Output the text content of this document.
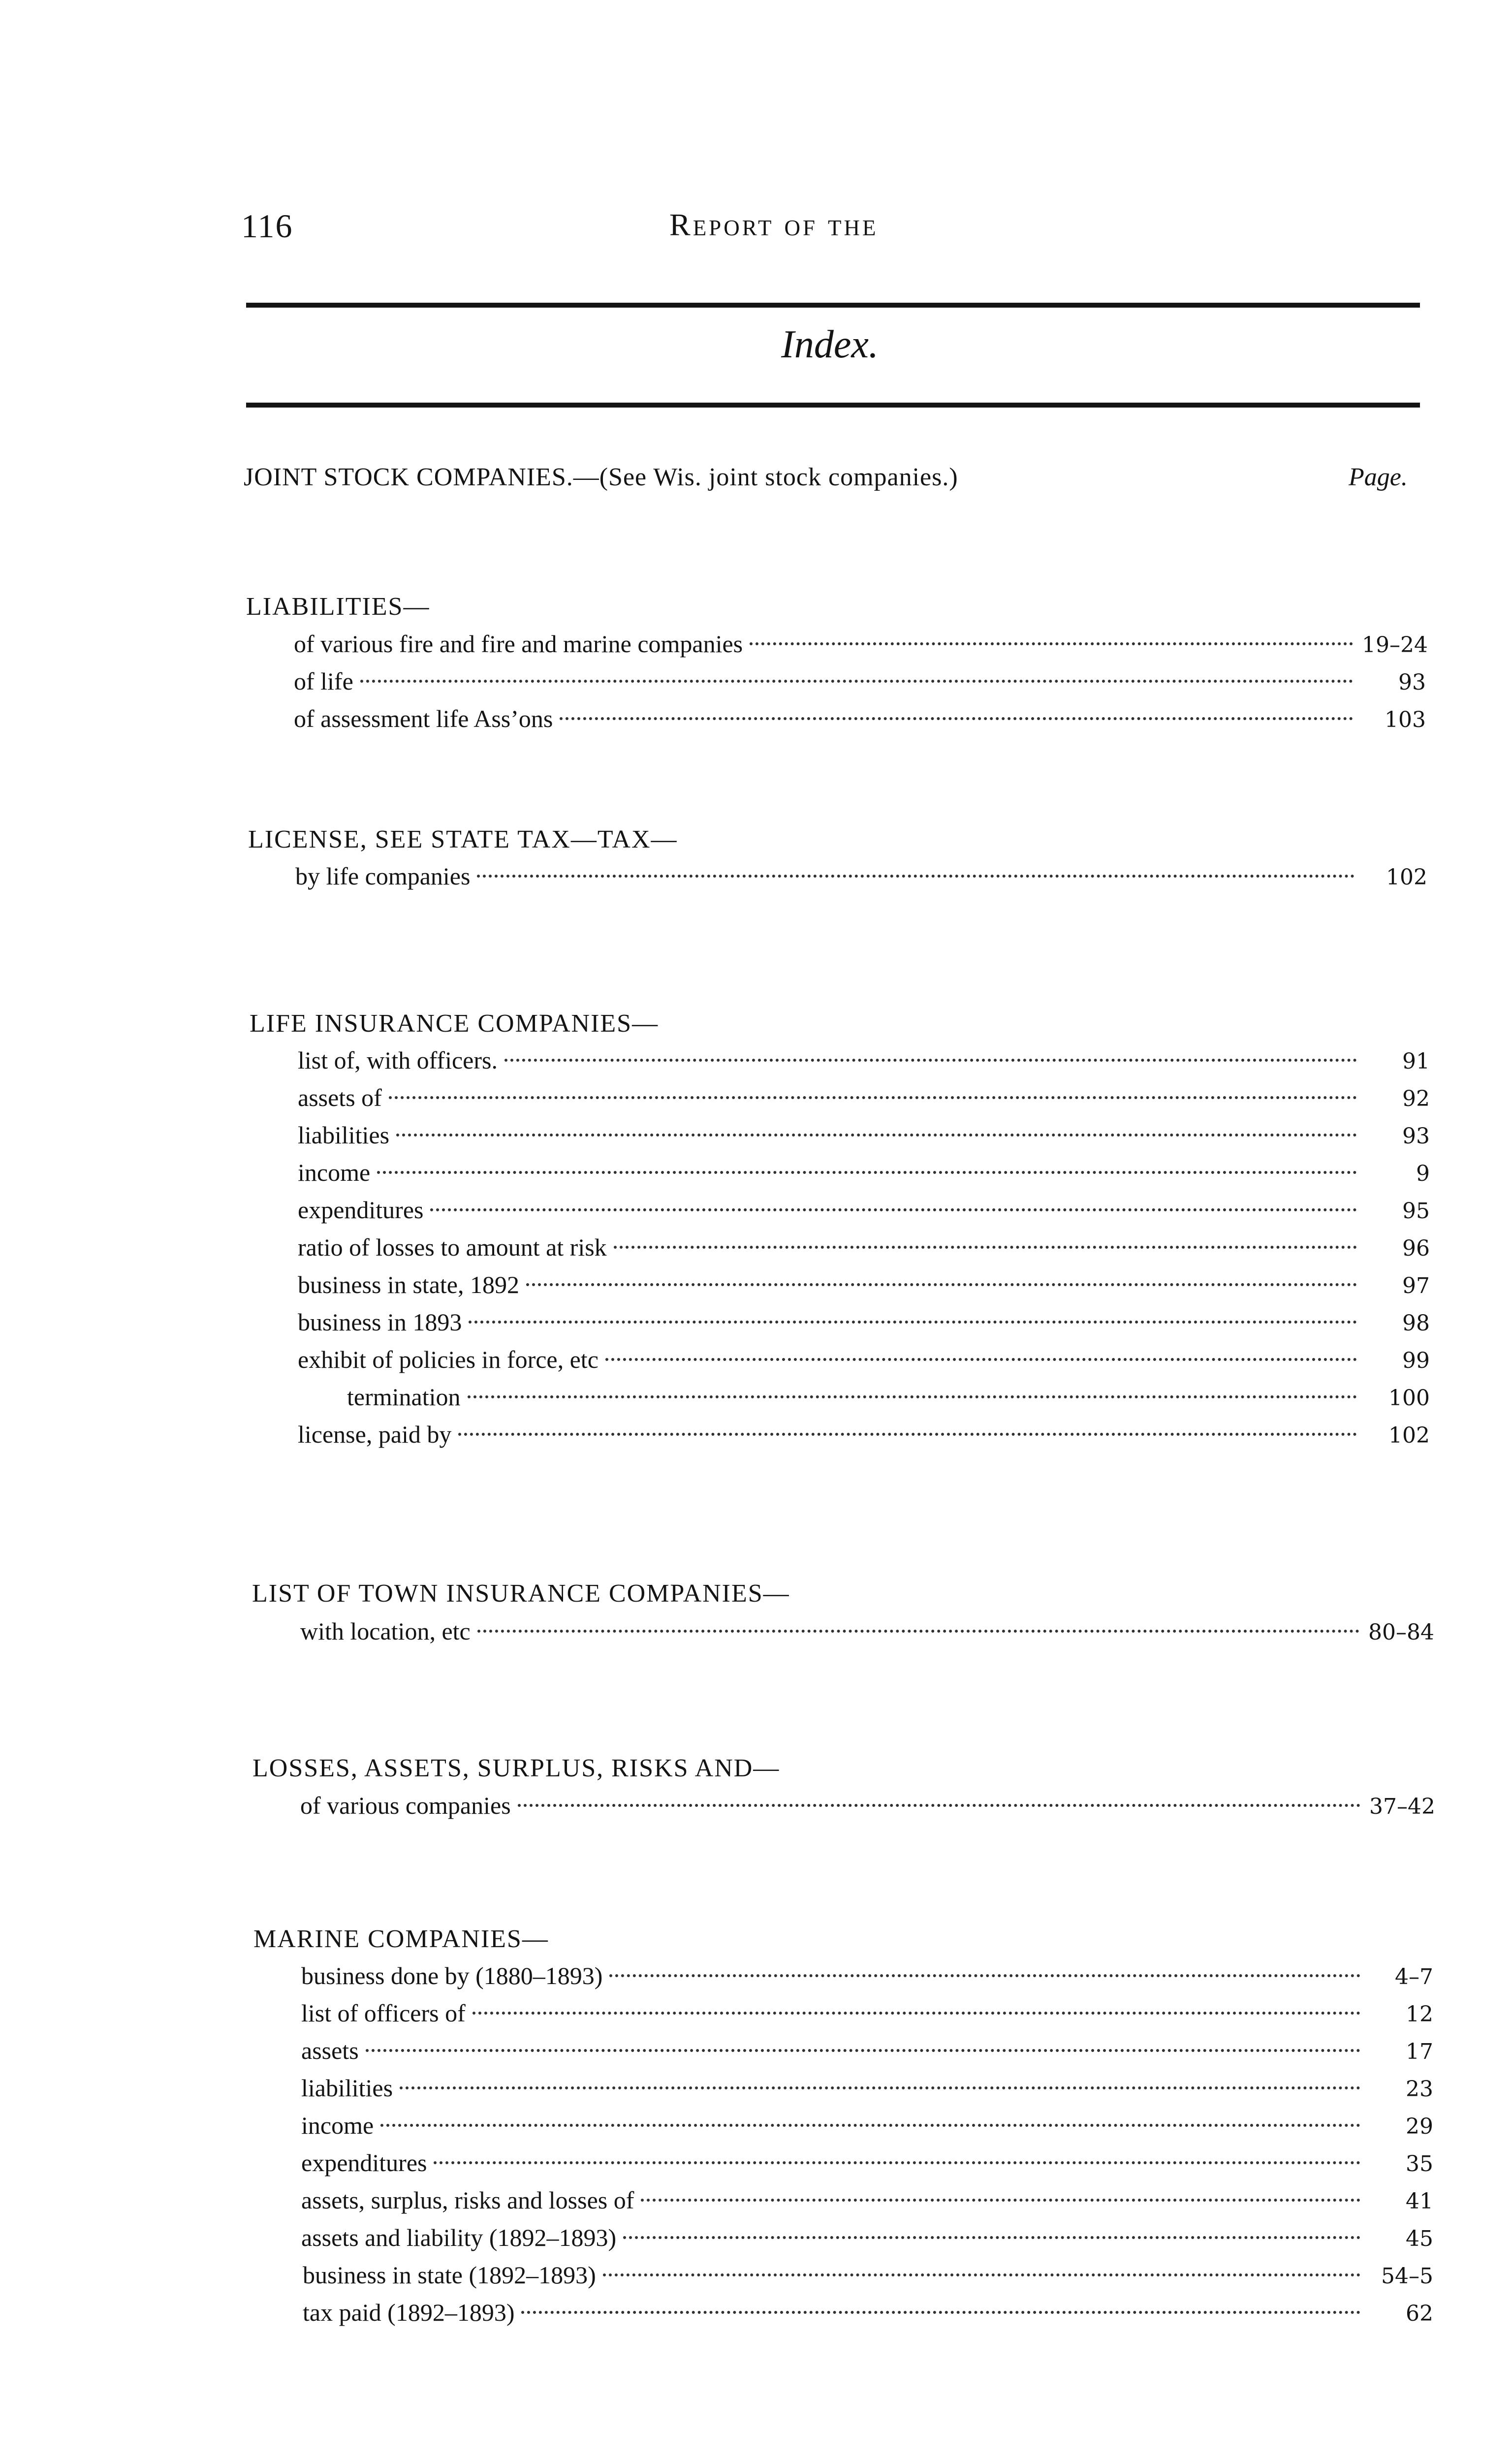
116	Report of the
Index.
JOINT STOCK COMPANIES.—(See Wis. joint stock companies.)	Page.
LIABILITIES—
of various fire and fire and marine companies	19–24
of life	93
of assessment life Ass’ons	103
LICENSE, SEE STATE TAX—TAX—
by life companies	102
LIFE INSURANCE COMPANIES—
list of, with officers.	91
assets of	92
liabilities	93
income	9
expenditures	95
ratio of losses to amount at risk	96
business in state, 1892	97
business in 1893	98
exhibit of policies in force, etc	99
termination	100
license, paid by	102
LIST OF TOWN INSURANCE COMPANIES—
with location, etc	80–84
LOSSES, ASSETS, SURPLUS, RISKS AND—
of various companies	37–42
MARINE COMPANIES—
business done by (1880–1893)	4–7
list of officers of	12
assets	17
liabilities	23
income	29
expenditures	35
assets, surplus, risks and losses of	41
assets and liability (1892–1893)	45
business in state (1892–1893)	54–5
tax paid (1892–1893)	62
